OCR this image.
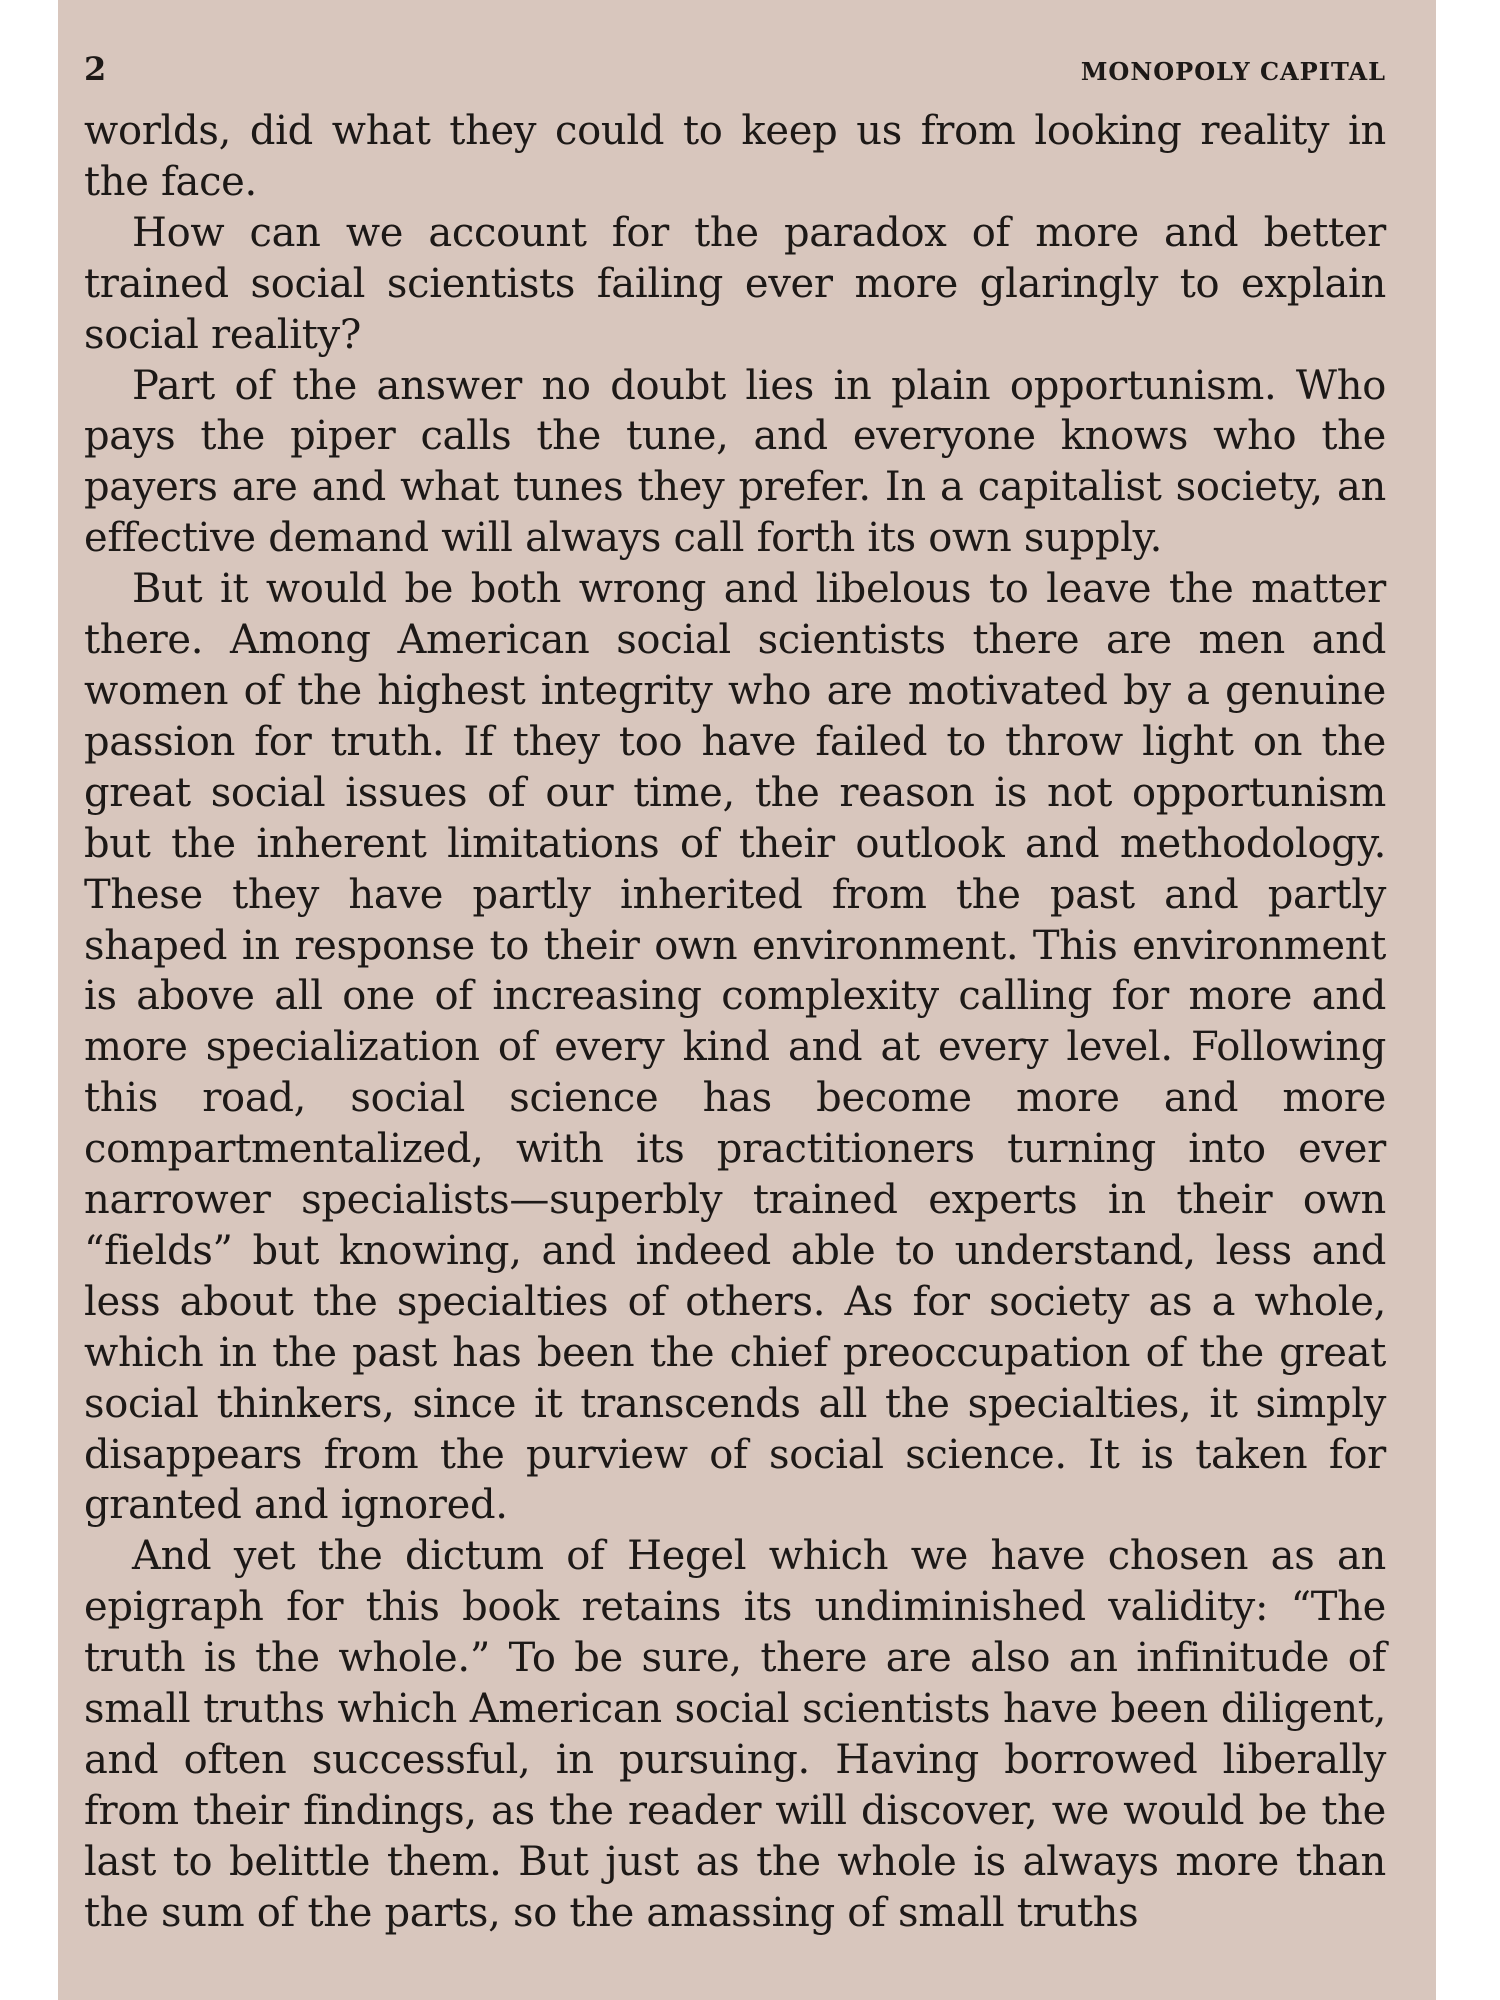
2	MONOPOLY CAPITAL

worlds, did what they could to keep us from looking reality in the face.

How can we account for the paradox of more and better trained social scientists failing ever more glaringly to explain social reality?

Part of the answer no doubt lies in plain opportunism. Who pays the piper calls the tune, and everyone knows who the payers are and what tunes they prefer. In a capitalist society, an effective demand will always call forth its own supply.

But it would be both wrong and libelous to leave the matter there. Among American social scientists there are men and women of the highest integrity who are motivated by a genuine passion for truth. If they too have failed to throw light on the great social issues of our time, the reason is not opportunism but the inherent limitations of their outlook and methodology. These they have partly inherited from the past and partly shaped in response to their own environment. This environment is above all one of increasing complexity calling for more and more specialization of every kind and at every level. Following this road, social science has become more and more compartmentalized, with its practitioners turning into ever narrower specialists—superbly trained experts in their own “fields” but knowing, and indeed able to understand, less and less about the specialties of others. As for society as a whole, which in the past has been the chief preoccupation of the great social thinkers, since it transcends all the specialties, it simply disappears from the purview of social science. It is taken for granted and ignored.

And yet the dictum of Hegel which we have chosen as an epigraph for this book retains its undiminished validity: “The truth is the whole.” To be sure, there are also an infinitude of small truths which American social scientists have been diligent, and often successful, in pursuing. Having borrowed liberally from their findings, as the reader will discover, we would be the last to belittle them. But just as the whole is always more than the sum of the parts, so the amassing of small truths
